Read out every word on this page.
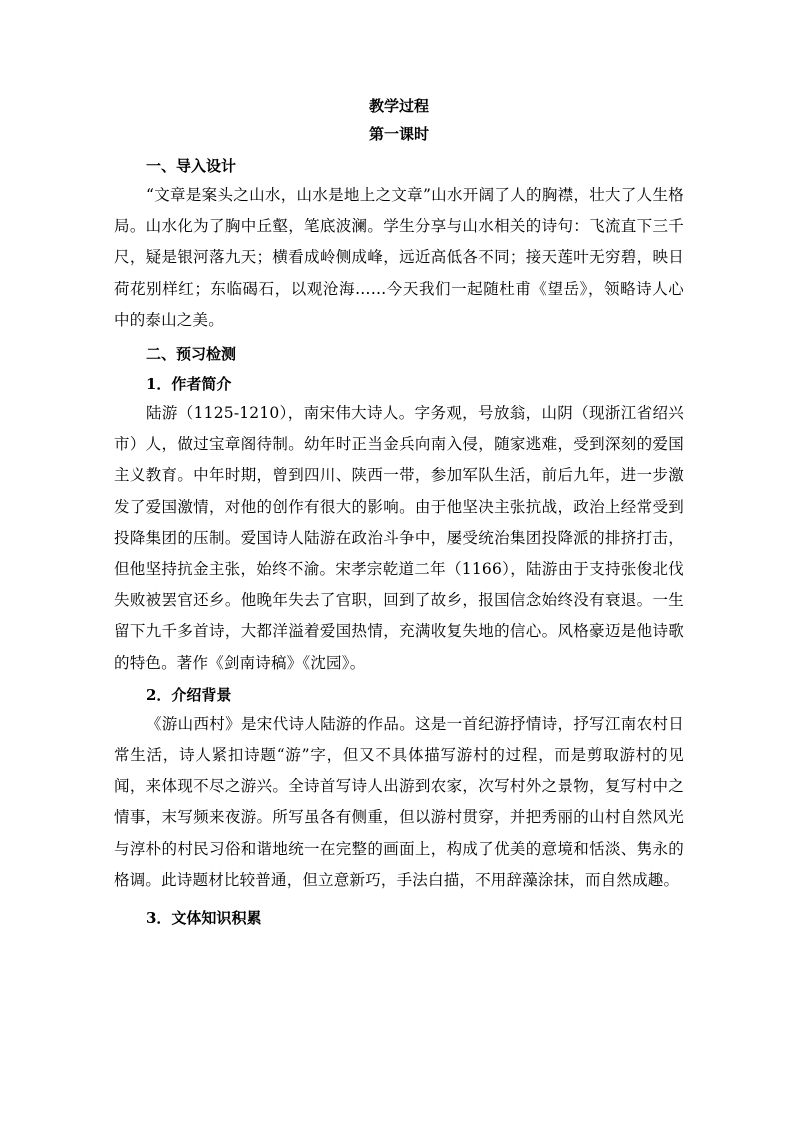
教学过程

第一课时

一、导入设计

“文章是案头之山水，山水是地上之文章”山水开阔了人的胸襟，壮大了人生格局。山水化为了胸中丘壑，笔底波澜。学生分享与山水相关的诗句：飞流直下三千尺，疑是银河落九天；横看成岭侧成峰，远近高低各不同；接天莲叶无穷碧，映日荷花别样红；东临碣石，以观沧海……今天我们一起随杜甫《望岳》，领略诗人心中的泰山之美。

二、预习检测

1．作者简介

陆游（1125-1210），南宋伟大诗人。字务观，号放翁，山阴（现浙江省绍兴市）人，做过宝章阁待制。幼年时正当金兵向南入侵，随家逃难，受到深刻的爱国主义教育。中年时期，曾到四川、陕西一带，参加军队生活，前后九年，进一步激发了爱国激情，对他的创作有很大的影响。由于他坚决主张抗战，政治上经常受到投降集团的压制。爱国诗人陆游在政治斗争中，屡受统治集团投降派的排挤打击，但他坚持抗金主张，始终不渝。宋孝宗乾道二年（1166），陆游由于支持张俊北伐失败被罢官还乡。他晚年失去了官职，回到了故乡，报国信念始终没有衰退。一生留下九千多首诗，大都洋溢着爱国热情，充满收复失地的信心。风格豪迈是他诗歌的特色。著作《剑南诗稿》《沈园》。

2．介绍背景

《游山西村》是宋代诗人陆游的作品。这是一首纪游抒情诗，抒写江南农村日常生活，诗人紧扣诗题“游”字，但又不具体描写游村的过程，而是剪取游村的见闻，来体现不尽之游兴。全诗首写诗人出游到农家，次写村外之景物，复写村中之情事，末写频来夜游。所写虽各有侧重，但以游村贯穿，并把秀丽的山村自然风光与淳朴的村民习俗和谐地统一在完整的画面上，构成了优美的意境和恬淡、隽永的格调。此诗题材比较普通，但立意新巧，手法白描，不用辞藻涂抹，而自然成趣。

3．文体知识积累
